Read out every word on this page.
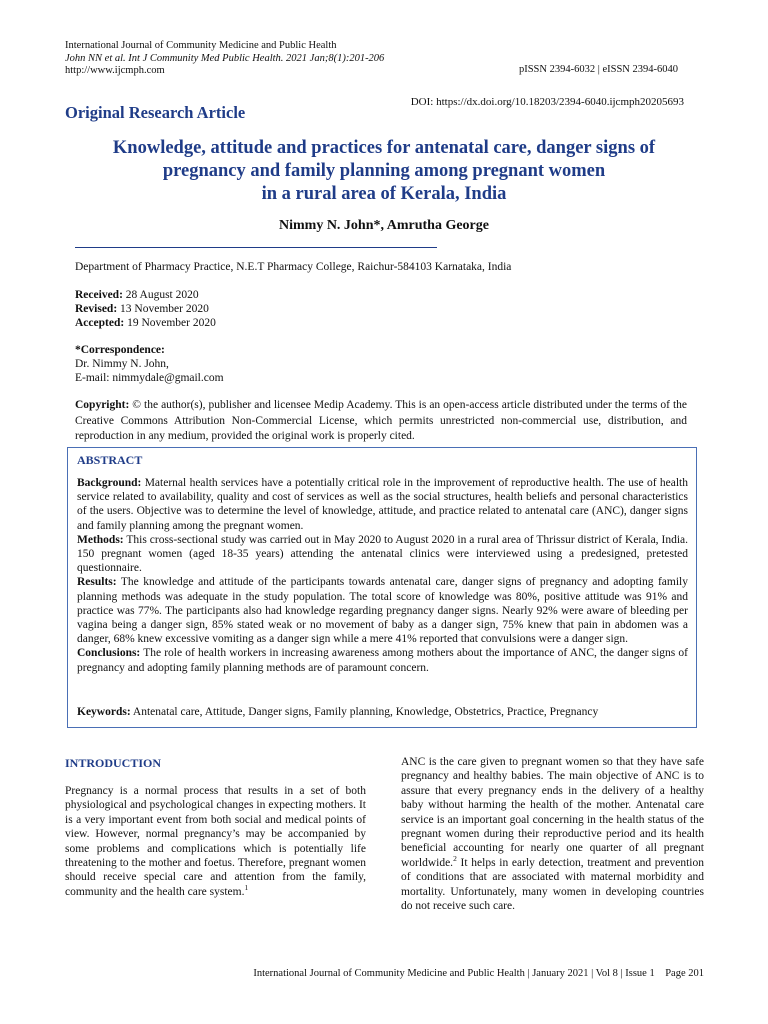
International Journal of Community Medicine and Public Health
John NN et al. Int J Community Med Public Health. 2021 Jan;8(1):201-206
http://www.ijcmph.com	pISSN 2394-6032 | eISSN 2394-6040
DOI: https://dx.doi.org/10.18203/2394-6040.ijcmph20205693
Original Research Article
Knowledge, attitude and practices for antenatal care, danger signs of
pregnancy and family planning among pregnant women
in a rural area of Kerala, India
Nimmy N. John*, Amrutha George
Department of Pharmacy Practice, N.E.T Pharmacy College, Raichur-584103 Karnataka, India
Received: 28 August 2020
Revised: 13 November 2020
Accepted: 19 November 2020
*Correspondence:
Dr. Nimmy N. John,
E-mail: nimmydale@gmail.com
Copyright: © the author(s), publisher and licensee Medip Academy. This is an open-access article distributed under the terms of the Creative Commons Attribution Non-Commercial License, which permits unrestricted non-commercial use, distribution, and reproduction in any medium, provided the original work is properly cited.
ABSTRACT

Background: Maternal health services have a potentially critical role in the improvement of reproductive health. The use of health service related to availability, quality and cost of services as well as the social structures, health beliefs and personal characteristics of the users. Objective was to determine the level of knowledge, attitude, and practice related to antenatal care (ANC), danger signs and family planning among the pregnant women.

Methods: This cross-sectional study was carried out in May 2020 to August 2020 in a rural area of Thrissur district of Kerala, India. 150 pregnant women (aged 18-35 years) attending the antenatal clinics were interviewed using a predesigned, pretested questionnaire.

Results: The knowledge and attitude of the participants towards antenatal care, danger signs of pregnancy and adopting family planning methods was adequate in the study population. The total score of knowledge was 80%, positive attitude was 91% and practice was 77%. The participants also had knowledge regarding pregnancy danger signs. Nearly 92% were aware of bleeding per vagina being a danger sign, 85% stated weak or no movement of baby as a danger sign, 75% knew that pain in abdomen was a danger, 68% knew excessive vomiting as a danger sign while a mere 41% reported that convulsions were a danger sign.

Conclusions: The role of health workers in increasing awareness among mothers about the importance of ANC, the danger signs of pregnancy and adopting family planning methods are of paramount concern.

Keywords: Antenatal care, Attitude, Danger signs, Family planning, Knowledge, Obstetrics, Practice, Pregnancy
INTRODUCTION
Pregnancy is a normal process that results in a set of both physiological and psychological changes in expecting mothers. It is a very important event from both social and medical points of view. However, normal pregnancy’s may be accompanied by some problems and complications which is potentially life threatening to the mother and foetus. Therefore, pregnant women should receive special care and attention from the family, community and the health care system.$^1$
ANC is the care given to pregnant women so that they have safe pregnancy and healthy babies. The main objective of ANC is to assure that every pregnancy ends in the delivery of a healthy baby without harming the health of the mother. Antenatal care service is an important goal concerning in the health status of the pregnant women during their reproductive period and its health beneficial accounting for nearly one quarter of all pregnant worldwide.$^2$ It helps in early detection, treatment and prevention of conditions that are associated with maternal morbidity and mortality. Unfortunately, many women in developing countries do not receive such care.
International Journal of Community Medicine and Public Health | January 2021 | Vol 8 | Issue 1    Page 201
